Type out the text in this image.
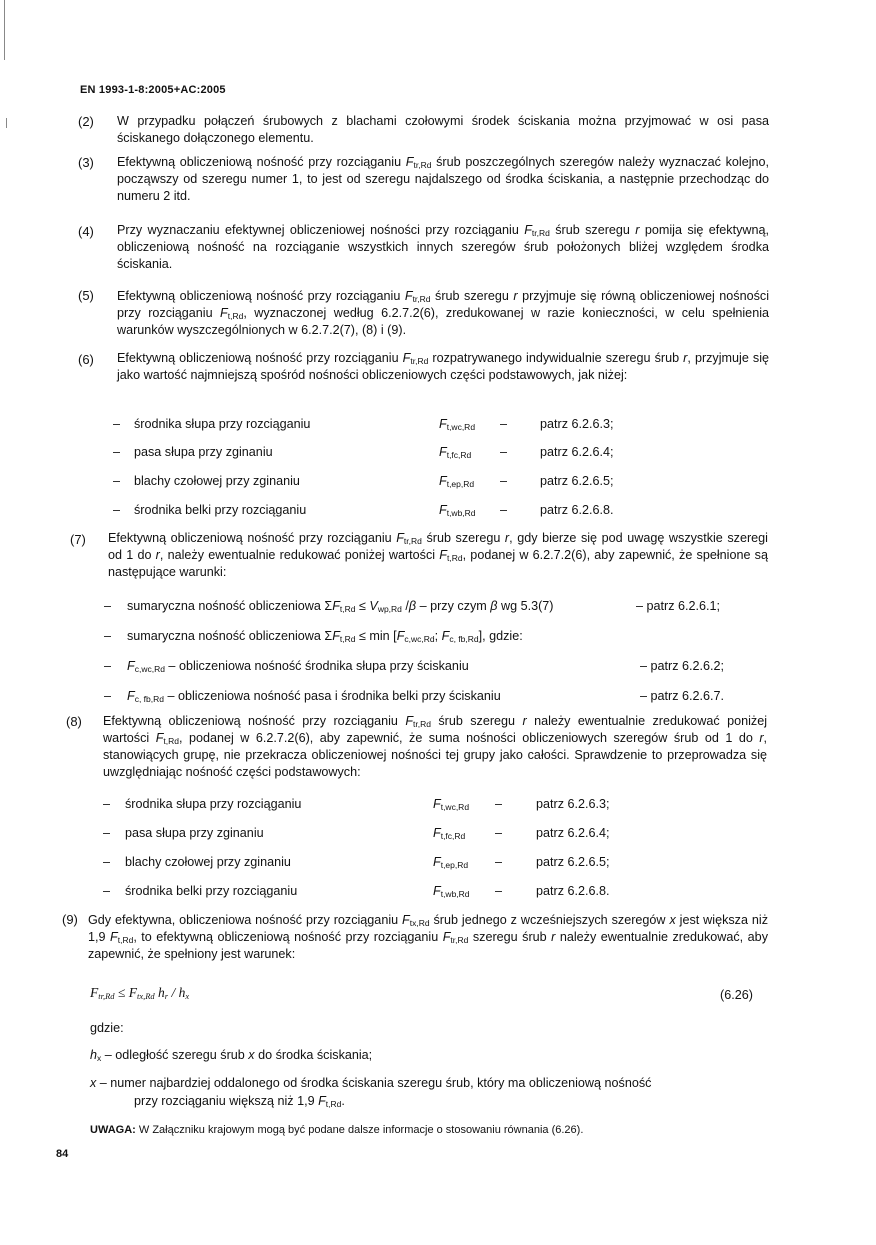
EN 1993-1-8:2005+AC:2005
(2) W przypadku połączeń śrubowych z blachami czołowymi środek ściskania można przyjmować w osi pasa ściskanego dołączonego elementu.
(3) Efektywną obliczeniową nośność przy rozciąganiu $F_{tr,Rd}$ śrub poszczególnych szeregów należy wyznaczać kolejno, począwszy od szeregu numer 1, to jest od szeregu najdalszego od środka ściskania, a następnie przechodząc do numeru 2 itd.
(4) Przy wyznaczaniu efektywnej obliczeniowej nośności przy rozciąganiu $F_{tr,Rd}$ śrub szeregu r pomija się efektywną, obliczeniową nośność na rozciąganie wszystkich innych szeregów śrub położonych bliżej względem środka ściskania.
(5) Efektywną obliczeniową nośność przy rozciąganiu $F_{tr,Rd}$ śrub szeregu r przyjmuje się równą obliczeniowej nośności przy rozciąganiu $F_{t,Rd}$, wyznaczonej według 6.2.7.2(6), zredukowanej w razie konieczności, w celu spełnienia warunków wyszczególnionych w 6.2.7.2(7), (8) i (9).
(6) Efektywną obliczeniową nośność przy rozciąganiu $F_{tr,Rd}$ rozpatrywanego indywidualnie szeregu śrub r, przyjmuje się jako wartość najmniejszą spośród nośności obliczeniowych części podstawowych, jak niżej:
– środnika słupa przy rozciąganiu	$F_{t,wc,Rd}$ –	patrz 6.2.6.3;
– pasa słupa przy zginaniu	$F_{t,fc,Rd}$ –	patrz 6.2.6.4;
– blachy czołowej przy zginaniu	$F_{t,ep,Rd}$ –	patrz 6.2.6.5;
– środnika belki przy rozciąganiu	$F_{t,wb,Rd}$ –	patrz 6.2.6.8.
(7) Efektywną obliczeniową nośność przy rozciąganiu $F_{tr,Rd}$ śrub szeregu r, gdy bierze się pod uwagę wszystkie szeregi od 1 do r, należy ewentualnie redukować poniżej wartości $F_{t,Rd}$, podanej w 6.2.7.2(6), aby zapewnić, że spełnione są następujące warunki:
– sumaryczna nośność obliczeniowa $\Sigma F_{t,Rd} \le V_{wp,Rd}$ /β – przy czym β wg 5.3(7)	– patrz 6.2.6.1;
– sumaryczna nośność obliczeniowa $\Sigma F_{t,Rd} \le \min [F_{c,wc,Rd}$; $F_{c, fb,Rd}$], gdzie:
– $F_{c,wc,Rd}$ – obliczeniowa nośność środnika słupa przy ściskaniu	– patrz 6.2.6.2;
– $F_{c, fb,Rd}$ – obliczeniowa nośność pasa i środnika belki przy ściskaniu	– patrz 6.2.6.7.
(8) Efektywną obliczeniową nośność przy rozciąganiu $F_{tr,Rd}$ śrub szeregu r należy ewentualnie zredukować poniżej wartości $F_{t,Rd}$, podanej w 6.2.7.2(6), aby zapewnić, że suma nośności obliczeniowych szeregów śrub od 1 do r, stanowiących grupę, nie przekracza obliczeniowej nośności tej grupy jako całości. Sprawdzenie to przeprowadza się uwzględniając nośność części podstawowych:
– środnika słupa przy rozciąganiu	$F_{t,wc,Rd}$ –	patrz 6.2.6.3;
– pasa słupa przy zginaniu	$F_{t,fc,Rd}$ –	patrz 6.2.6.4;
– blachy czołowej przy zginaniu	$F_{t,ep,Rd}$ –	patrz 6.2.6.5;
– środnika belki przy rozciąganiu	$F_{t,wb,Rd}$ –	patrz 6.2.6.8.
(9) Gdy efektywna, obliczeniowa nośność przy rozciąganiu $F_{tx,Rd}$ śrub jednego z wcześniejszych szeregów x jest większa niż 1,9 $F_{t,Rd}$, to efektywną obliczeniową nośność przy rozciąganiu $F_{tr,Rd}$ szeregu śrub r należy ewentualnie zredukować, aby zapewnić, że spełniony jest warunek:
$F_{tr,Rd} \le F_{tx,Rd}$ $h_r / h_x$	(6.26)
gdzie:
$h_x$ – odległość szeregu śrub x do środka ściskania;
x – numer najbardziej oddalonego od środka ściskania szeregu śrub, który ma obliczeniową nośność
przy rozciąganiu większą niż 1,9 $F_{t,Rd}$.
UWAGA: W Załączniku krajowym mogą być podane dalsze informacje o stosowaniu równania (6.26).
84
